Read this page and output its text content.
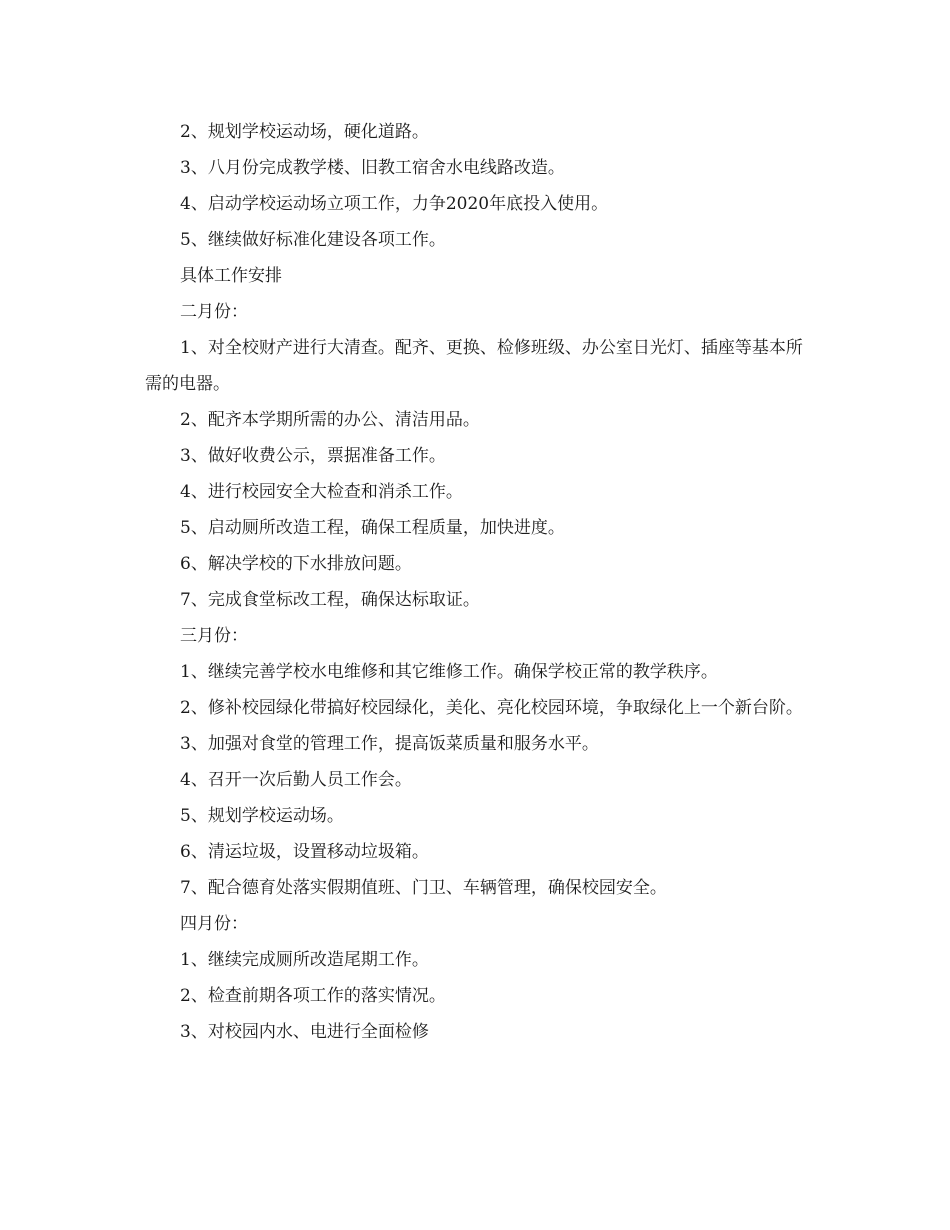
2、规划学校运动场，硬化道路。

3、八月份完成教学楼、旧教工宿舍水电线路改造。

4、启动学校运动场立项工作，力争2020年底投入使用。

5、继续做好标准化建设各项工作。

具体工作安排

二月份：

1、对全校财产进行大清查。配齐、更换、检修班级、办公室日光灯、插座等基本所需的电器。

2、配齐本学期所需的办公、清洁用品。

3、做好收费公示，票据准备工作。

4、进行校园安全大检查和消杀工作。

5、启动厕所改造工程，确保工程质量，加快进度。

6、解决学校的下水排放问题。

7、完成食堂标改工程，确保达标取证。

三月份：

1、继续完善学校水电维修和其它维修工作。确保学校正常的教学秩序。

2、修补校园绿化带搞好校园绿化，美化、亮化校园环境，争取绿化上一个新台阶。

3、加强对食堂的管理工作，提高饭菜质量和服务水平。

4、召开一次后勤人员工作会。

5、规划学校运动场。

6、清运垃圾，设置移动垃圾箱。

7、配合德育处落实假期值班、门卫、车辆管理，确保校园安全。

四月份：

1、继续完成厕所改造尾期工作。

2、检查前期各项工作的落实情况。

3、对校园内水、电进行全面检修
